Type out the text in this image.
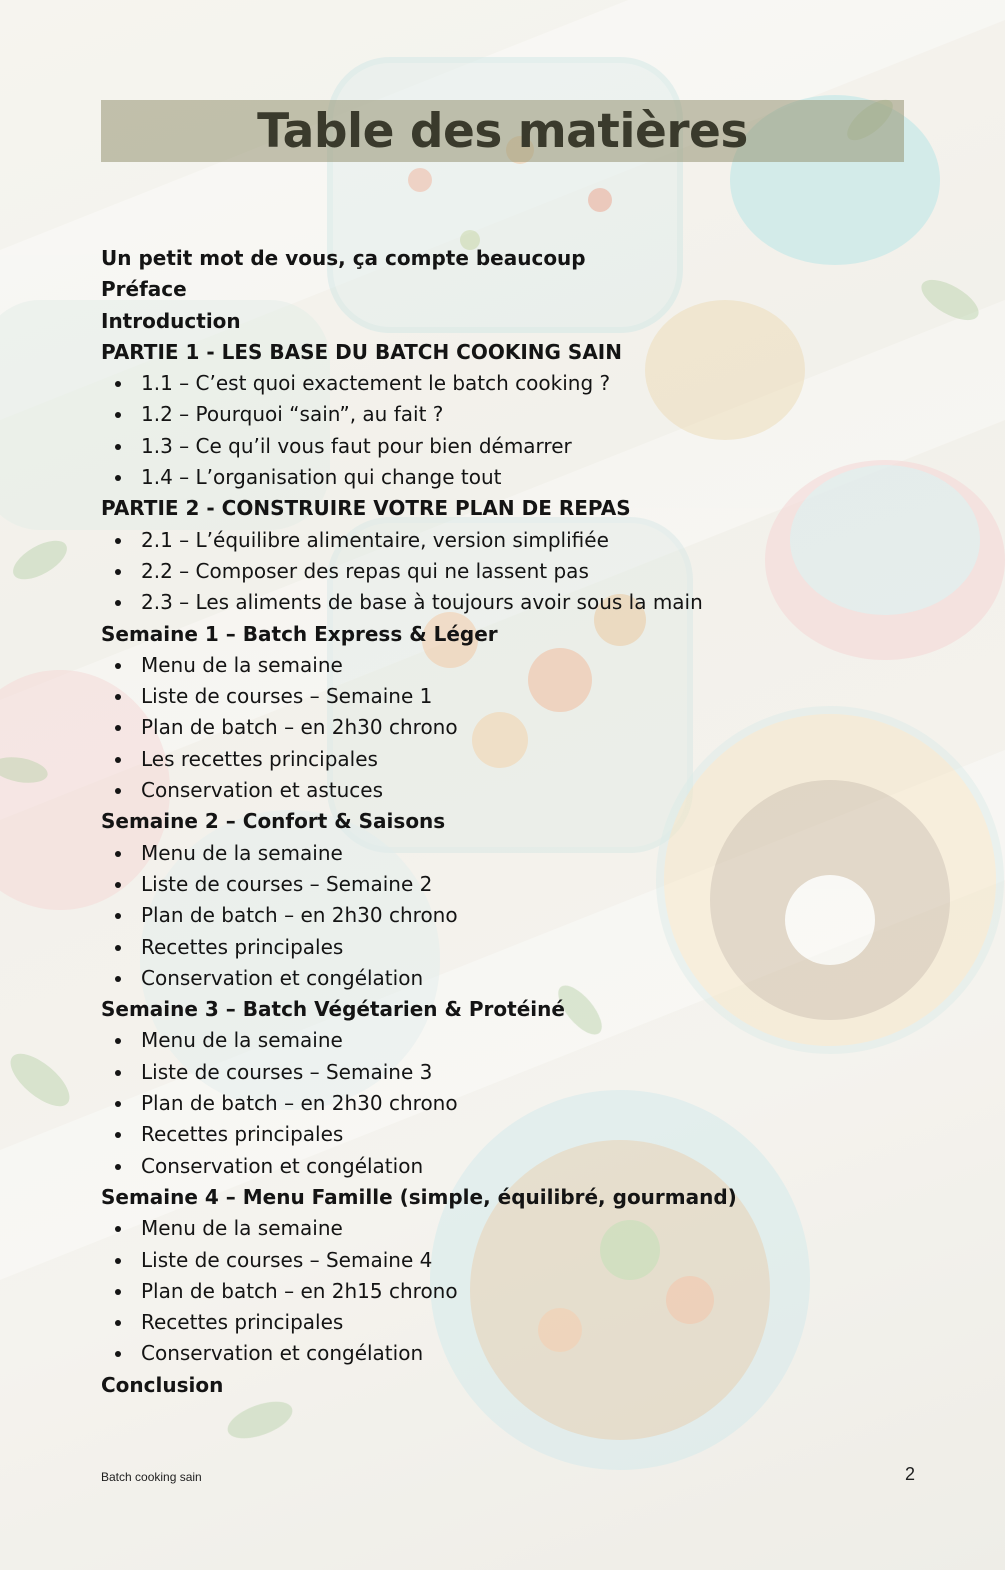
Table des matières
Un petit mot de vous, ça compte beaucoup
Préface
Introduction
PARTIE 1 - LES BASE DU BATCH COOKING SAIN
1.1 – C’est quoi exactement le batch cooking ?
1.2 – Pourquoi “sain”, au fait ?
1.3 – Ce qu’il vous faut pour bien démarrer
1.4 – L’organisation qui change tout
PARTIE 2 - CONSTRUIRE VOTRE PLAN DE REPAS
2.1 – L’équilibre alimentaire, version simplifiée
2.2 – Composer des repas qui ne lassent pas
2.3 – Les aliments de base à toujours avoir sous la main
Semaine 1 – Batch Express & Léger
Menu de la semaine
Liste de courses – Semaine 1
Plan de batch – en 2h30 chrono
Les recettes principales
Conservation et astuces
Semaine 2 – Confort & Saisons
Menu de la semaine
Liste de courses – Semaine 2
Plan de batch – en 2h30 chrono
Recettes principales
Conservation et congélation
Semaine 3 – Batch Végétarien & Protéiné
Menu de la semaine
Liste de courses – Semaine 3
Plan de batch – en 2h30 chrono
Recettes principales
Conservation et congélation
Semaine 4 – Menu Famille (simple, équilibré, gourmand)
Menu de la semaine
Liste de courses – Semaine 4
Plan de batch – en 2h15 chrono
Recettes principales
Conservation et congélation
Conclusion
Batch cooking sain	2
